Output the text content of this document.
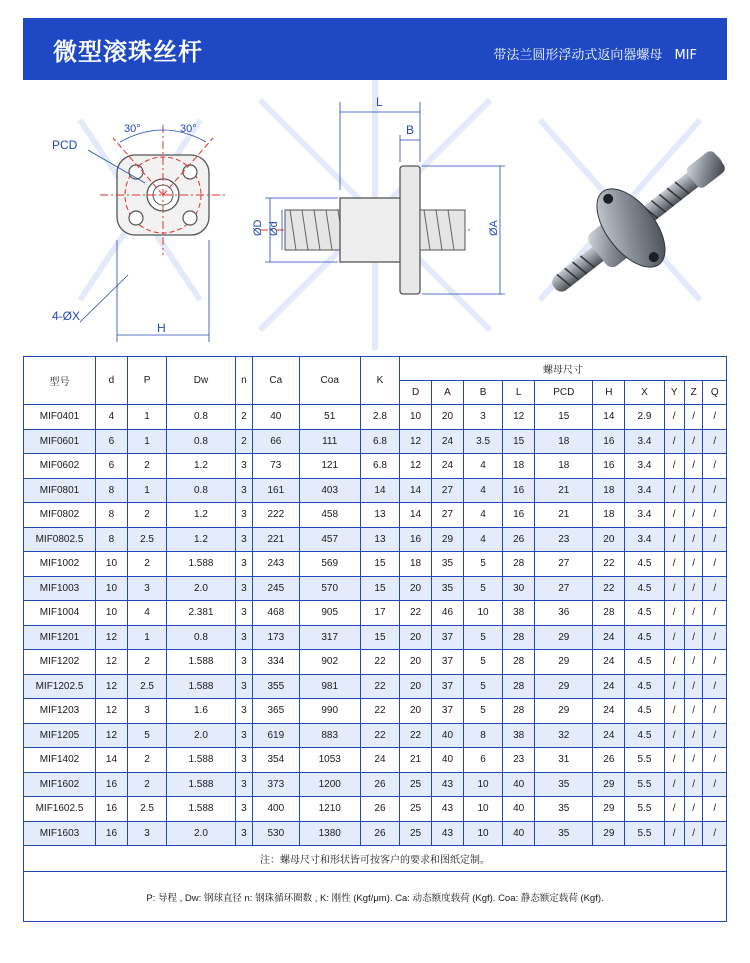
微型滚珠丝杆	带法兰圆形浮动式返向器螺母 MIF
PCD
30°	30°
4-ØX
H
L
B
ØD Ød	ØA
型号	d	P	Dw	n	Ca	Coa	K	螺母尺寸									
								D	A	B	L	PCD	H	X	Y	Z	Q
MIF0401	4	1	0.8	2	40	51	2.8	10	20	3	12	15	14	2.9	/	/	/
MIF0601	6	1	0.8	2	66	111	6.8	12	24	3.5	15	18	16	3.4	/	/	/
MIF0602	6	2	1.2	3	73	121	6.8	12	24	4	18	18	16	3.4	/	/	/
MIF0801	8	1	0.8	3	161	403	14	14	27	4	16	21	18	3.4	/	/	/
MIF0802	8	2	1.2	3	222	458	13	14	27	4	16	21	18	3.4	/	/	/
MIF0802.5	8	2.5	1.2	3	221	457	13	16	29	4	26	23	20	3.4	/	/	/
MIF1002	10	2	1.588	3	243	569	15	18	35	5	28	27	22	4.5	/	/	/
MIF1003	10	3	2.0	3	245	570	15	20	35	5	30	27	22	4.5	/	/	/
MIF1004	10	4	2.381	3	468	905	17	22	46	10	38	36	28	4.5	/	/	/
MIF1201	12	1	0.8	3	173	317	15	20	37	5	28	29	24	4.5	/	/	/
MIF1202	12	2	1.588	3	334	902	22	20	37	5	28	29	24	4.5	/	/	/
MIF1202.5	12	2.5	1.588	3	355	981	22	20	37	5	28	29	24	4.5	/	/	/
MIF1203	12	3	1.6	3	365	990	22	20	37	5	28	29	24	4.5	/	/	/
MIF1205	12	5	2.0	3	619	883	22	22	40	8	38	32	24	4.5	/	/	/
MIF1402	14	2	1.588	3	354	1053	24	21	40	6	23	31	26	5.5	/	/	/
MIF1602	16	2	1.588	3	373	1200	26	25	43	10	40	35	29	5.5	/	/	/
MIF1602.5	16	2.5	1.588	3	400	1210	26	25	43	10	40	35	29	5.5	/	/	/
MIF1603	16	3	2.0	3	530	1380	26	25	43	10	40	35	29	5.5	/	/	/
注：螺母尺寸和形状皆可按客户的要求和图纸定制。																	
P: 导程 , Dw: 钢球直径 n: 钢珠循环圈数 , K: 刚性 (Kgf/μm). Ca: 动态额度载荷 (Kgf). Coa: 静态额定载荷 (Kgf).																	
